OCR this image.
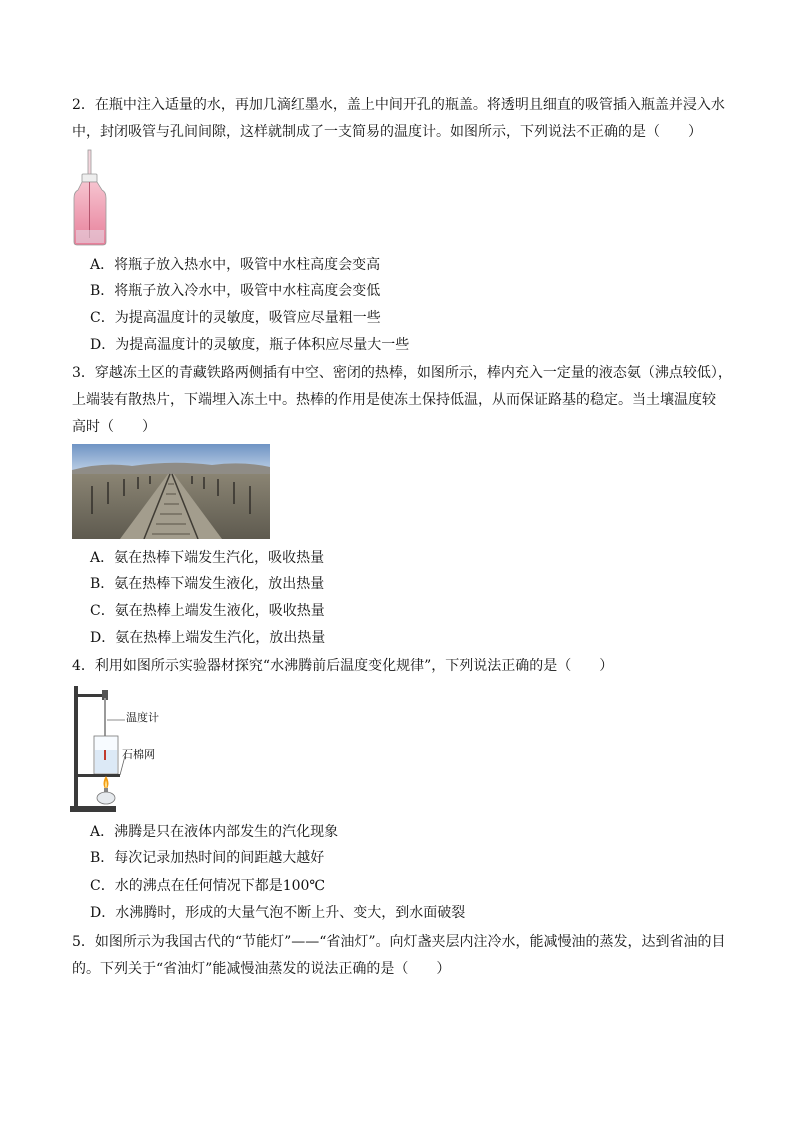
2．在瓶中注入适量的水，再加几滴红墨水，盖上中间开孔的瓶盖。将透明且细直的吸管插入瓶盖并浸入水
中，封闭吸管与孔间间隙，这样就制成了一支简易的温度计。如图所示，下列说法不正确的是（　　）
A．将瓶子放入热水中，吸管中水柱高度会变高
B．将瓶子放入冷水中，吸管中水柱高度会变低
C．为提高温度计的灵敏度，吸管应尽量粗一些
D．为提高温度计的灵敏度，瓶子体积应尽量大一些
3．穿越冻土区的青藏铁路两侧插有中空、密闭的热棒，如图所示，棒内充入一定量的液态氨（沸点较低），
上端装有散热片，下端埋入冻土中。热棒的作用是使冻土保持低温，从而保证路基的稳定。当土壤温度较
高时（　　）
A．氨在热棒下端发生汽化，吸收热量
B．氨在热棒下端发生液化，放出热量
C．氨在热棒上端发生液化，吸收热量
D．氨在热棒上端发生汽化，放出热量
4．利用如图所示实验器材探究“水沸腾前后温度变化规律”，下列说法正确的是（　　）
温度计
石棉网
A．沸腾是只在液体内部发生的汽化现象
B．每次记录加热时间的间距越大越好
C．水的沸点在任何情况下都是100℃
D．水沸腾时，形成的大量气泡不断上升、变大，到水面破裂
5．如图所示为我国古代的“节能灯”——“省油灯”。向灯盏夹层内注冷水，能减慢油的蒸发，达到省油的目
的。下列关于“省油灯”能减慢油蒸发的说法正确的是（　　）
